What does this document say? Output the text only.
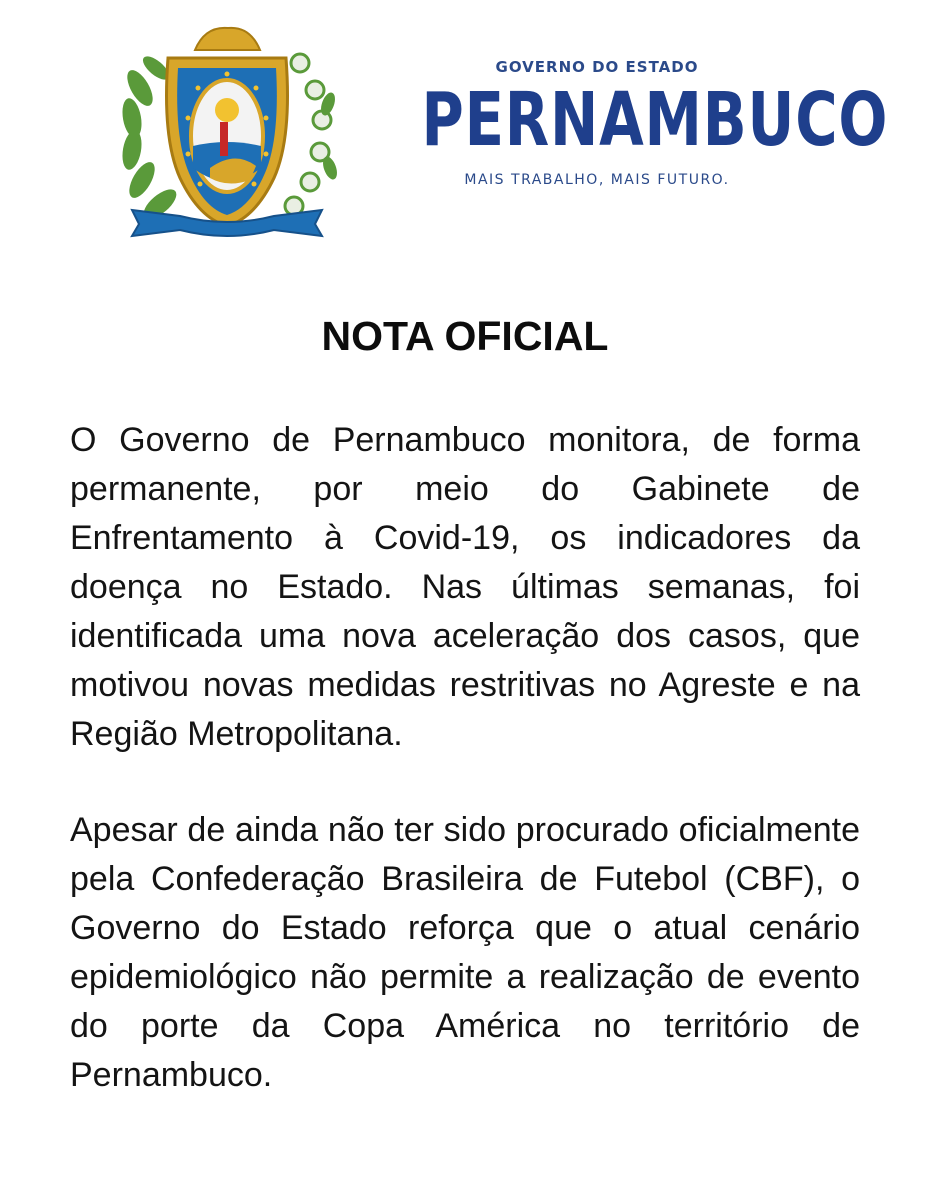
GOVERNO DO ESTADO
PERNAMBUCO
MAIS TRABALHO, MAIS FUTURO.
NOTA OFICIAL
O Governo de Pernambuco monitora, de forma permanente, por meio do Gabinete de Enfrentamento à Covid-19, os indicadores da doença no Estado. Nas últimas semanas, foi identificada uma nova aceleração dos casos, que motivou novas medidas restritivas no Agreste e na Região Metropolitana.
Apesar de ainda não ter sido procurado oficialmente pela Confederação Brasileira de Futebol (CBF), o Governo do Estado reforça que o atual cenário epidemiológico não permite a realização de evento do porte da Copa América no território de Pernambuco.
